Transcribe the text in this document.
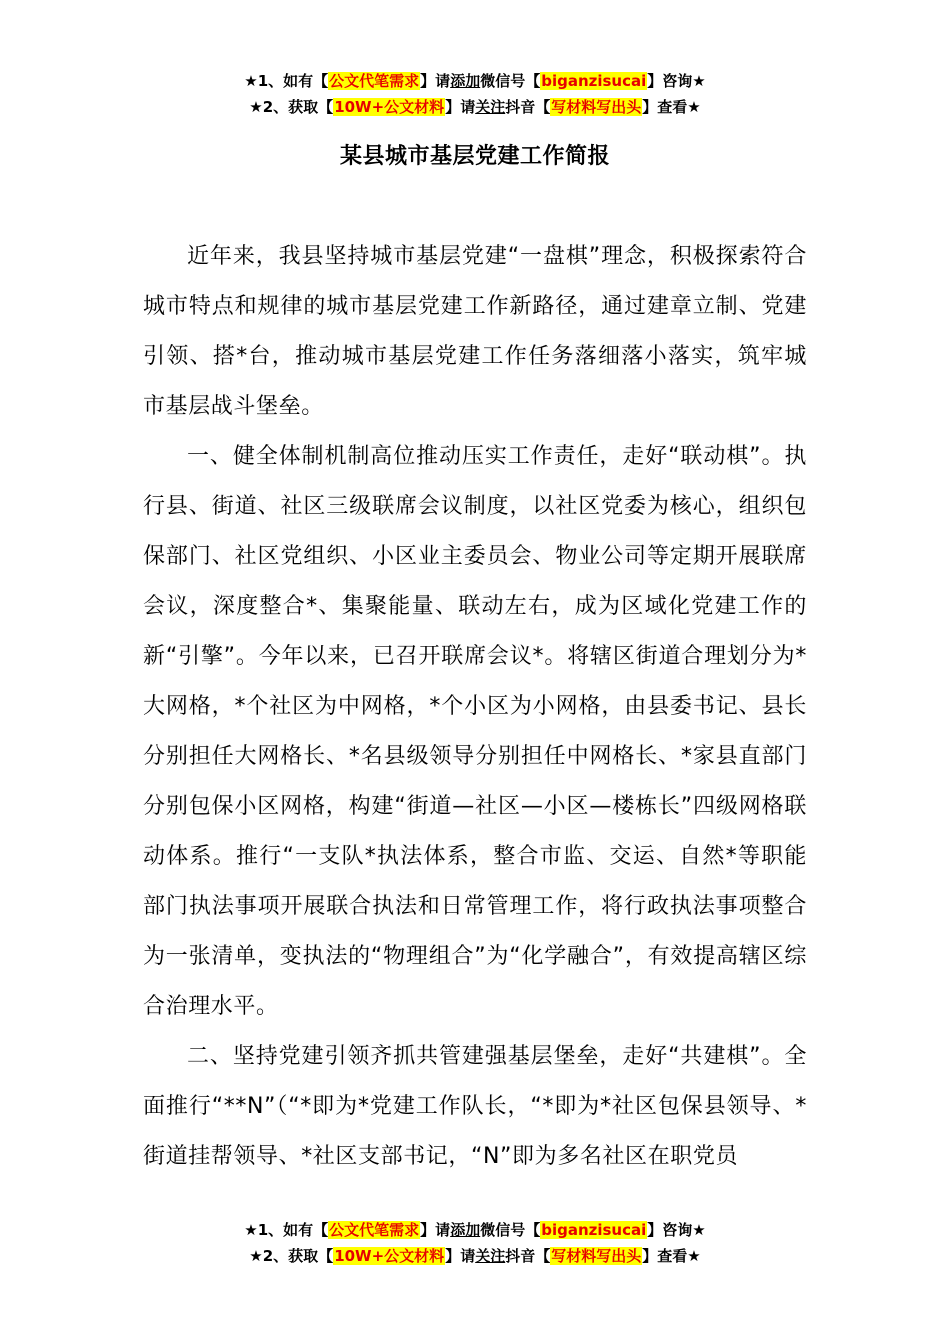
★1、如有【公文代笔需求】请添加微信号【biganzisucai】咨询★
★2、获取【10W+公文材料】请关注抖音【写材料写出头】查看★
某县城市基层党建工作简报

近年来，我县坚持城市基层党建“一盘棋”理念，积极探索符合城市特点和规律的城市基层党建工作新路径，通过建章立制、党建引领、搭*台，推动城市基层党建工作任务落细落小落实，筑牢城市基层战斗堡垒。

一、健全体制机制高位推动压实工作责任，走好“联动棋”。执行县、街道、社区三级联席会议制度，以社区党委为核心，组织包保部门、社区党组织、小区业主委员会、物业公司等定期开展联席会议，深度整合*、集聚能量、联动左右，成为区域化党建工作的新“引擎”。今年以来，已召开联席会议*。将辖区街道合理划分为*大网格，*个社区为中网格，*个小区为小网格，由县委书记、县长分别担任大网格长、*名县级领导分别担任中网格长、*家县直部门分别包保小区网格，构建“街道—社区—小区—楼栋长”四级网格联动体系。推行“一支队*执法体系，整合市监、交运、自然*等职能部门执法事项开展联合执法和日常管理工作，将行政执法事项整合为一张清单，变执法的“物理组合”为“化学融合”，有效提高辖区综合治理水平。

二、坚持党建引领齐抓共管建强基层堡垒，走好“共建棋”。全面推行“**N”（“*即为*党建工作队长，“*即为*社区包保县领导、*街道挂帮领导、*社区支部书记，“N”即为多名社区在职党员

★1、如有【公文代笔需求】请添加微信号【biganzisucai】咨询★
★2、获取【10W+公文材料】请关注抖音【写材料写出头】查看★
